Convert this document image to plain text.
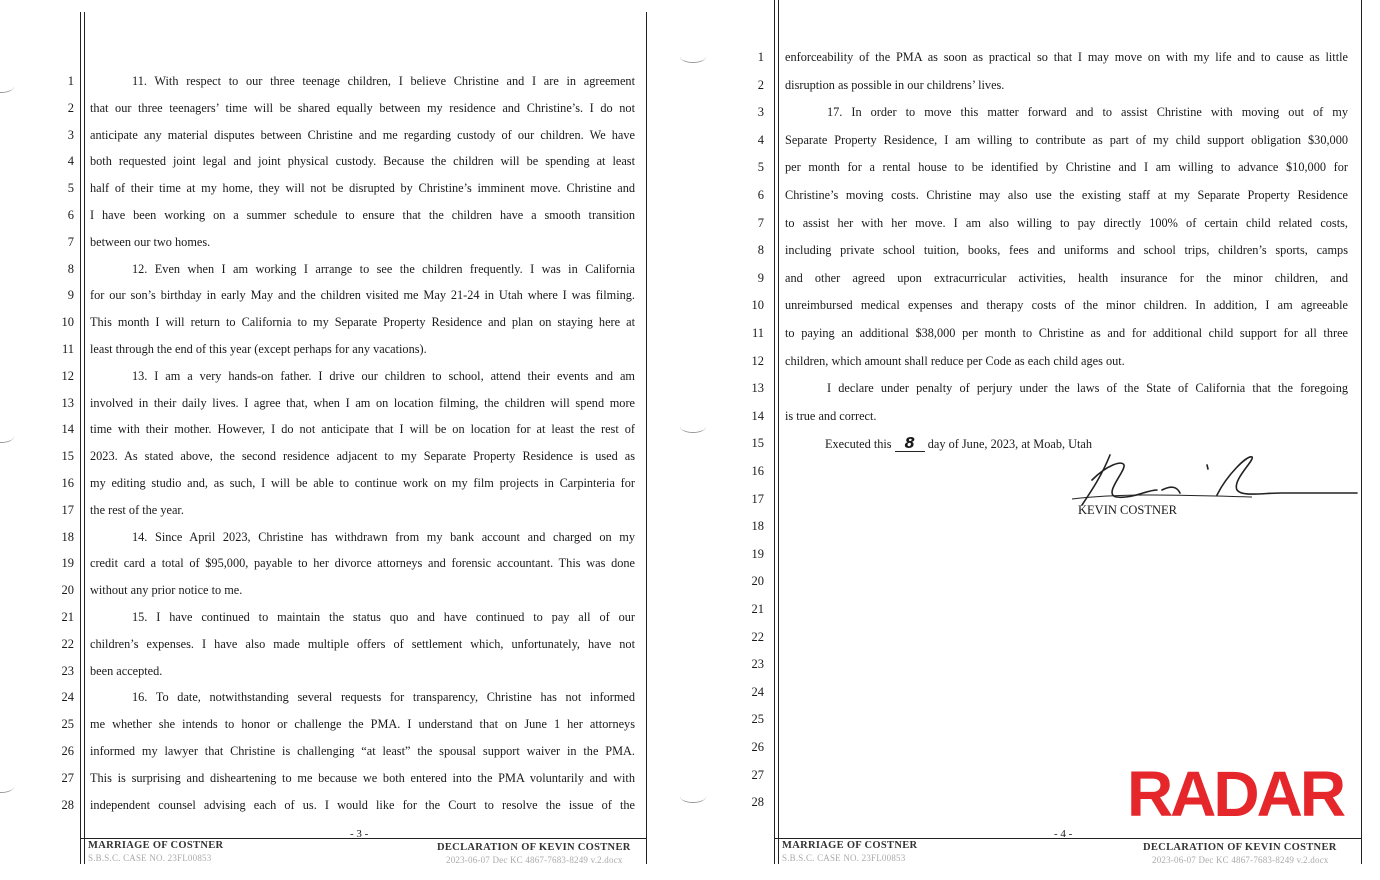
1	11. With respect to our three teenage children, I believe Christine and I are in agreement
2 that our three teenagers’ time will be shared equally between my residence and Christine’s. I do not
3 anticipate any material disputes between Christine and me regarding custody of our children. We have
4 both requested joint legal and joint physical custody. Because the children will be spending at least
5 half of their time at my home, they will not be disrupted by Christine’s imminent move. Christine and
6 I have been working on a summer schedule to ensure that the children have a smooth transition
7 between our two homes.
8	12. Even when I am working I arrange to see the children frequently. I was in California
9 for our son’s birthday in early May and the children visited me May 21-24 in Utah where I was filming.
10 This month I will return to California to my Separate Property Residence and plan on staying here at
11 least through the end of this year (except perhaps for any vacations).
12	13. I am a very hands-on father. I drive our children to school, attend their events and am
13 involved in their daily lives. I agree that, when I am on location filming, the children will spend more
14 time with their mother. However, I do not anticipate that I will be on location for at least the rest of
15 2023. As stated above, the second residence adjacent to my Separate Property Residence is used as
16 my editing studio and, as such, I will be able to continue work on my film projects in Carpinteria for
17 the rest of the year.
18	14. Since April 2023, Christine has withdrawn from my bank account and charged on my
19 credit card a total of $95,000, payable to her divorce attorneys and forensic accountant. This was done
20 without any prior notice to me.
21	15. I have continued to maintain the status quo and have continued to pay all of our
22 children’s expenses. I have also made multiple offers of settlement which, unfortunately, have not
23 been accepted.
24	16. To date, notwithstanding several requests for transparency, Christine has not informed
25 me whether she intends to honor or challenge the PMA. I understand that on June 1 her attorneys
26 informed my lawyer that Christine is challenging “at least” the spousal support waiver in the PMA.
27 This is surprising and disheartening to me because we both entered into the PMA voluntarily and with
28 independent counsel advising each of us. I would like for the Court to resolve the issue of the
- 3 -
MARRIAGE OF COSTNER
S.B.S.C. CASE NO. 23FL00853
DECLARATION OF KEVIN COSTNER
2023-06-07 Dec KC 4867-7683-8249 v.2.docx
1 enforceability of the PMA as soon as practical so that I may move on with my life and to cause as little
2 disruption as possible in our childrens’ lives.
3	17. In order to move this matter forward and to assist Christine with moving out of my
4 Separate Property Residence, I am willing to contribute as part of my child support obligation $30,000
5 per month for a rental house to be identified by Christine and I am willing to advance $10,000 for
6 Christine’s moving costs. Christine may also use the existing staff at my Separate Property Residence
7 to assist her with her move. I am also willing to pay directly 100% of certain child related costs,
8 including private school tuition, books, fees and uniforms and school trips, children’s sports, camps
9 and other agreed upon extracurricular activities, health insurance for the minor children, and
10 unreimbursed medical expenses and therapy costs of the minor children. In addition, I am agreeable
11 to paying an additional $38,000 per month to Christine as and for additional child support for all three
12 children, which amount shall reduce per Code as each child ages out.
13	I declare under penalty of perjury under the laws of the State of California that the foregoing
14 is true and correct.
15
16
17
18
19
20
21
22
23
24
25
26
27
28
Executed this 8 day of June, 2023, at Moab, Utah
KEVIN COSTNER
- 4 -
MARRIAGE OF COSTNER
S.B.S.C. CASE NO. 23FL00853
DECLARATION OF KEVIN COSTNER
2023-06-07 Dec KC 4867-7683-8249 v.2.docx
RADAR
